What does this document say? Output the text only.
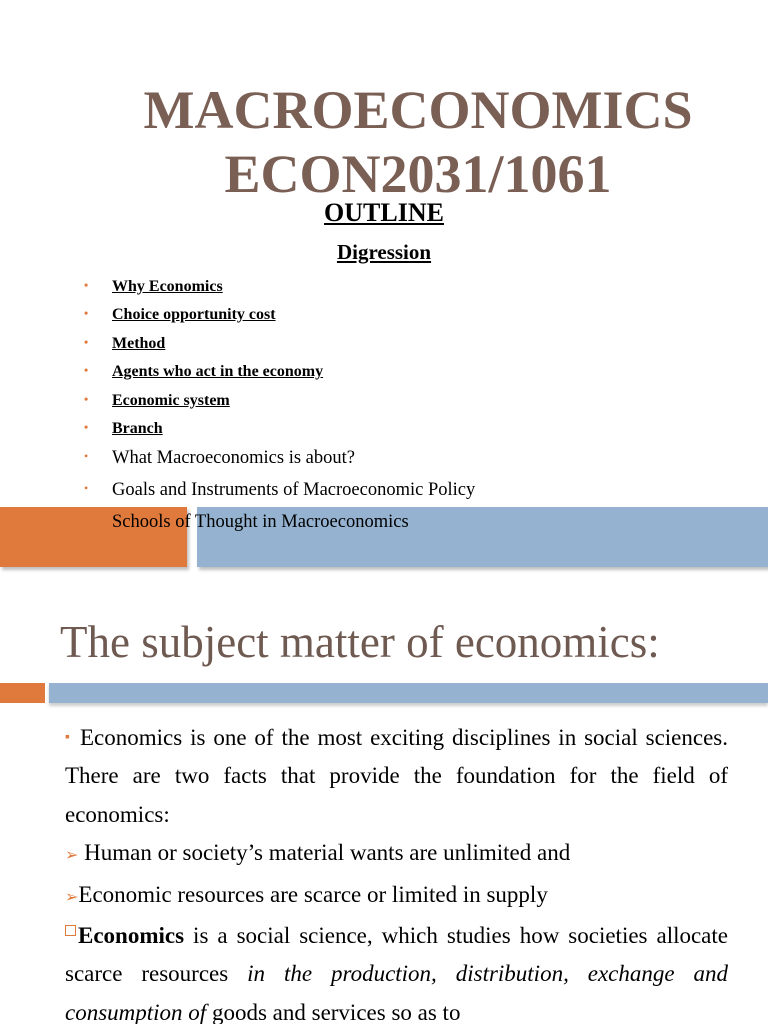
MACROECONOMICS
ECON2031/1061
OUTLINE
Digression
• Why Economics
• Choice opportunity cost
• Method
• Agents who act in the economy
• Economic system
• Branch
• What Macroeconomics is about?
• Goals and Instruments of Macroeconomic Policy
Schools of Thought in Macroeconomics
The subject matter of economics:

▪ Economics is one of the most exciting disciplines in social sciences. There are two facts that provide the foundation for the field of economics:

➢ Human or society’s material wants are unlimited and

➢Economic resources are scarce or limited in supply

Economics is a social science, which studies how societies allocate scarce resources in the production, distribution, exchange and consumption of goods and services so as to
